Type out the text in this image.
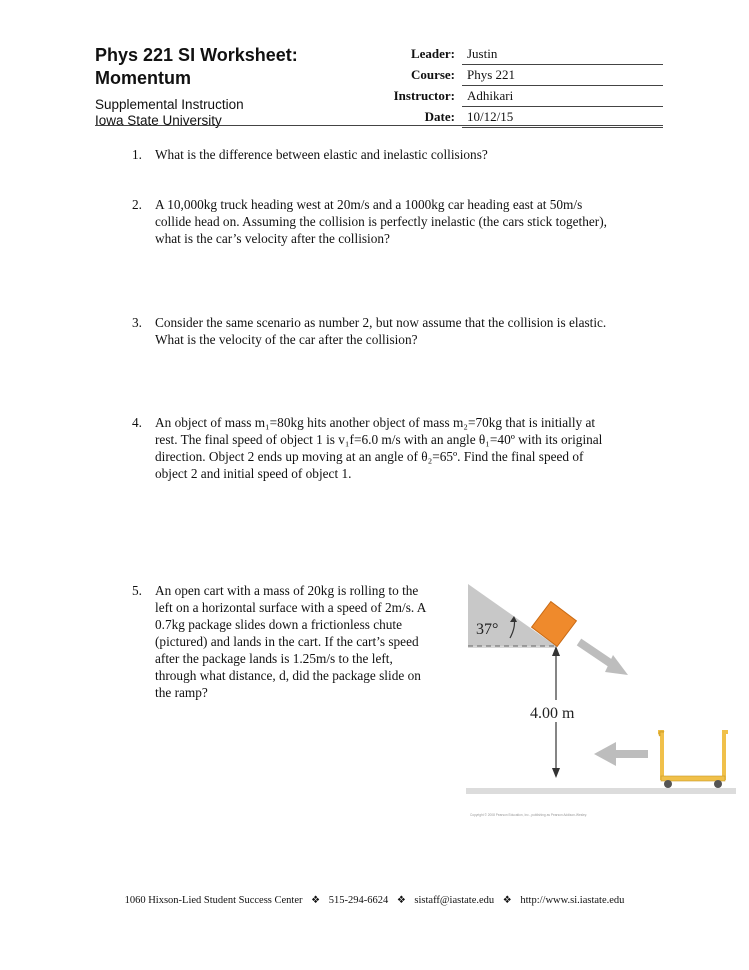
Phys 221 SI Worksheet:
Momentum
Supplemental Instruction
Iowa State University
Leader: Justin
Course: Phys 221
Instructor: Adhikari
Date: 10/12/15
1. What is the difference between elastic and inelastic collisions?
2. A 10,000kg truck heading west at 20m/s and a 1000kg car heading east at 50m/s
collide head on. Assuming the collision is perfectly inelastic (the cars stick together),
what is the car’s velocity after the collision?
3. Consider the same scenario as number 2, but now assume that the collision is elastic.
What is the velocity of the car after the collision?
4. An object of mass m₁=80kg hits another object of mass m₂=70kg that is initially at
rest. The final speed of object 1 is v₁f=6.0 m/s with an angle θ₁=40º with its original
direction. Object 2 ends up moving at an angle of θ₂=65º. Find the final speed of
object 2 and initial speed of object 1.
5. An open cart with a mass of 20kg is rolling to the
left on a horizontal surface with a speed of 2m/s. A
0.7kg package slides down a frictionless chute
(pictured) and lands in the cart. If the cart’s speed
after the package lands is 1.25m/s to the left,
through what distance, d, did the package slide on
the ramp?
37°
4.00 m
Copyright © 2008 Pearson Education, Inc., publishing as Pearson Addison-Wesley.
1060 Hixson-Lied Student Success Center ❖ 515-294-6624 ❖ sistaff@iastate.edu ❖ http://www.si.iastate.edu
